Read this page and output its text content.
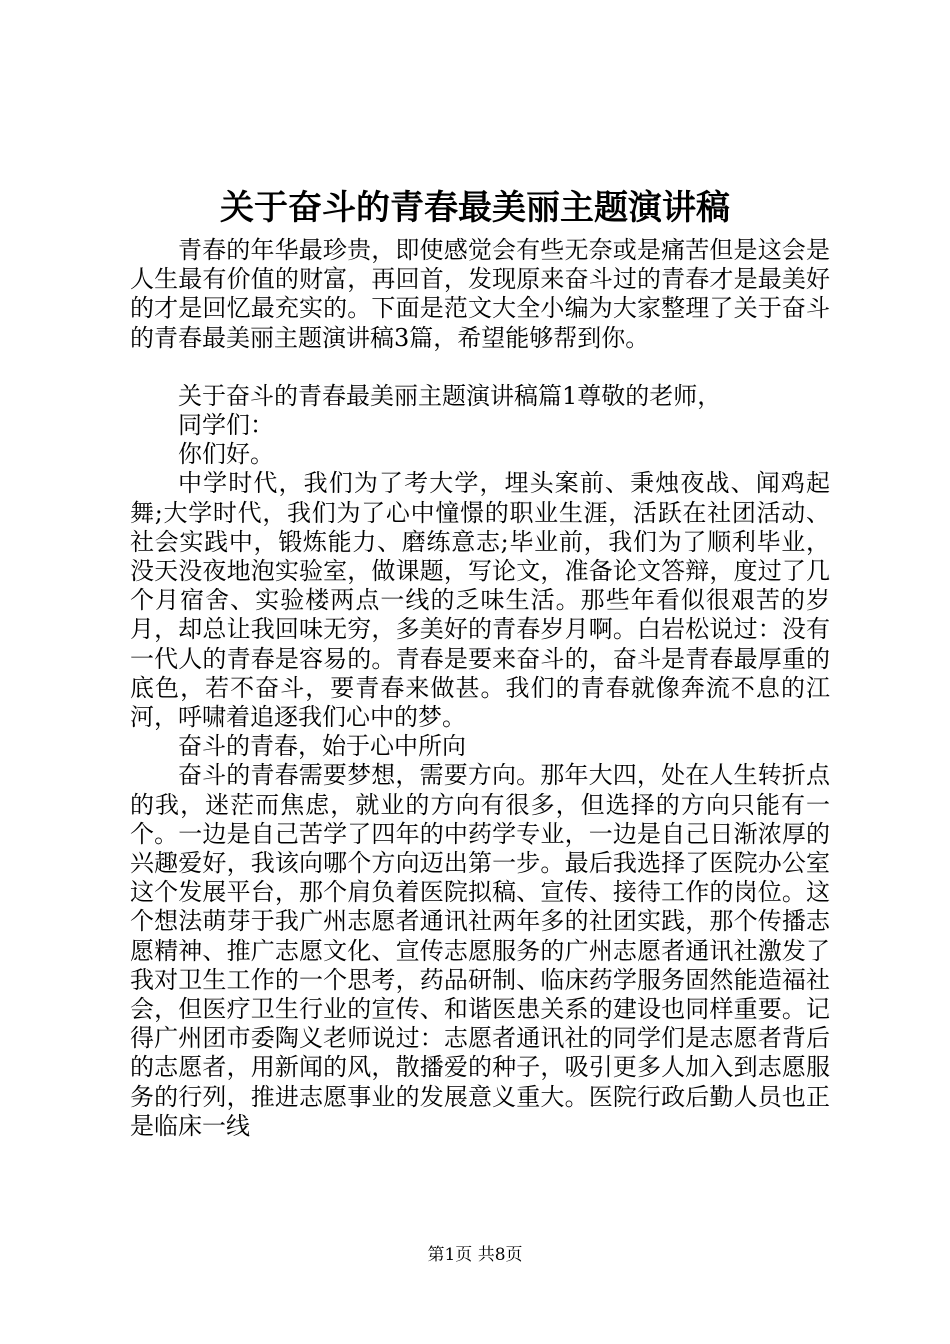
关于奋斗的青春最美丽主题演讲稿

青春的年华最珍贵，即使感觉会有些无奈或是痛苦但是这会是人生最有价值的财富，再回首，发现原来奋斗过的青春才是最美好的才是回忆最充实的。下面是范文大全小编为大家整理了关于奋斗的青春最美丽主题演讲稿3篇，希望能够帮到你。

关于奋斗的青春最美丽主题演讲稿篇1尊敬的老师，

同学们：

你们好。

中学时代，我们为了考大学，埋头案前、秉烛夜战、闻鸡起舞;大学时代，我们为了心中憧憬的职业生涯，活跃在社团活动、社会实践中，锻炼能力、磨练意志;毕业前，我们为了顺利毕业，没天没夜地泡实验室，做课题，写论文，准备论文答辩，度过了几个月宿舍、实验楼两点一线的乏味生活。那些年看似很艰苦的岁月，却总让我回味无穷，多美好的青春岁月啊。白岩松说过：没有一代人的青春是容易的。青春是要来奋斗的，奋斗是青春最厚重的底色，若不奋斗，要青春来做甚。我们的青春就像奔流不息的江河，呼啸着追逐我们心中的梦。

奋斗的青春，始于心中所向

奋斗的青春需要梦想，需要方向。那年大四，处在人生转折点的我，迷茫而焦虑，就业的方向有很多，但选择的方向只能有一个。一边是自己苦学了四年的中药学专业，一边是自己日渐浓厚的兴趣爱好，我该向哪个方向迈出第一步。最后我选择了医院办公室这个发展平台，那个肩负着医院拟稿、宣传、接待工作的岗位。这个想法萌芽于我广州志愿者通讯社两年多的社团实践，那个传播志愿精神、推广志愿文化、宣传志愿服务的广州志愿者通讯社激发了我对卫生工作的一个思考，药品研制、临床药学服务固然能造福社会，但医疗卫生行业的宣传、和谐医患关系的建设也同样重要。记得广州团市委陶义老师说过：志愿者通讯社的同学们是志愿者背后的志愿者，用新闻的风，散播爱的种子，吸引更多人加入到志愿服务的行列，推进志愿事业的发展意义重大。医院行政后勤人员也正是临床一线

第1页 共8页
